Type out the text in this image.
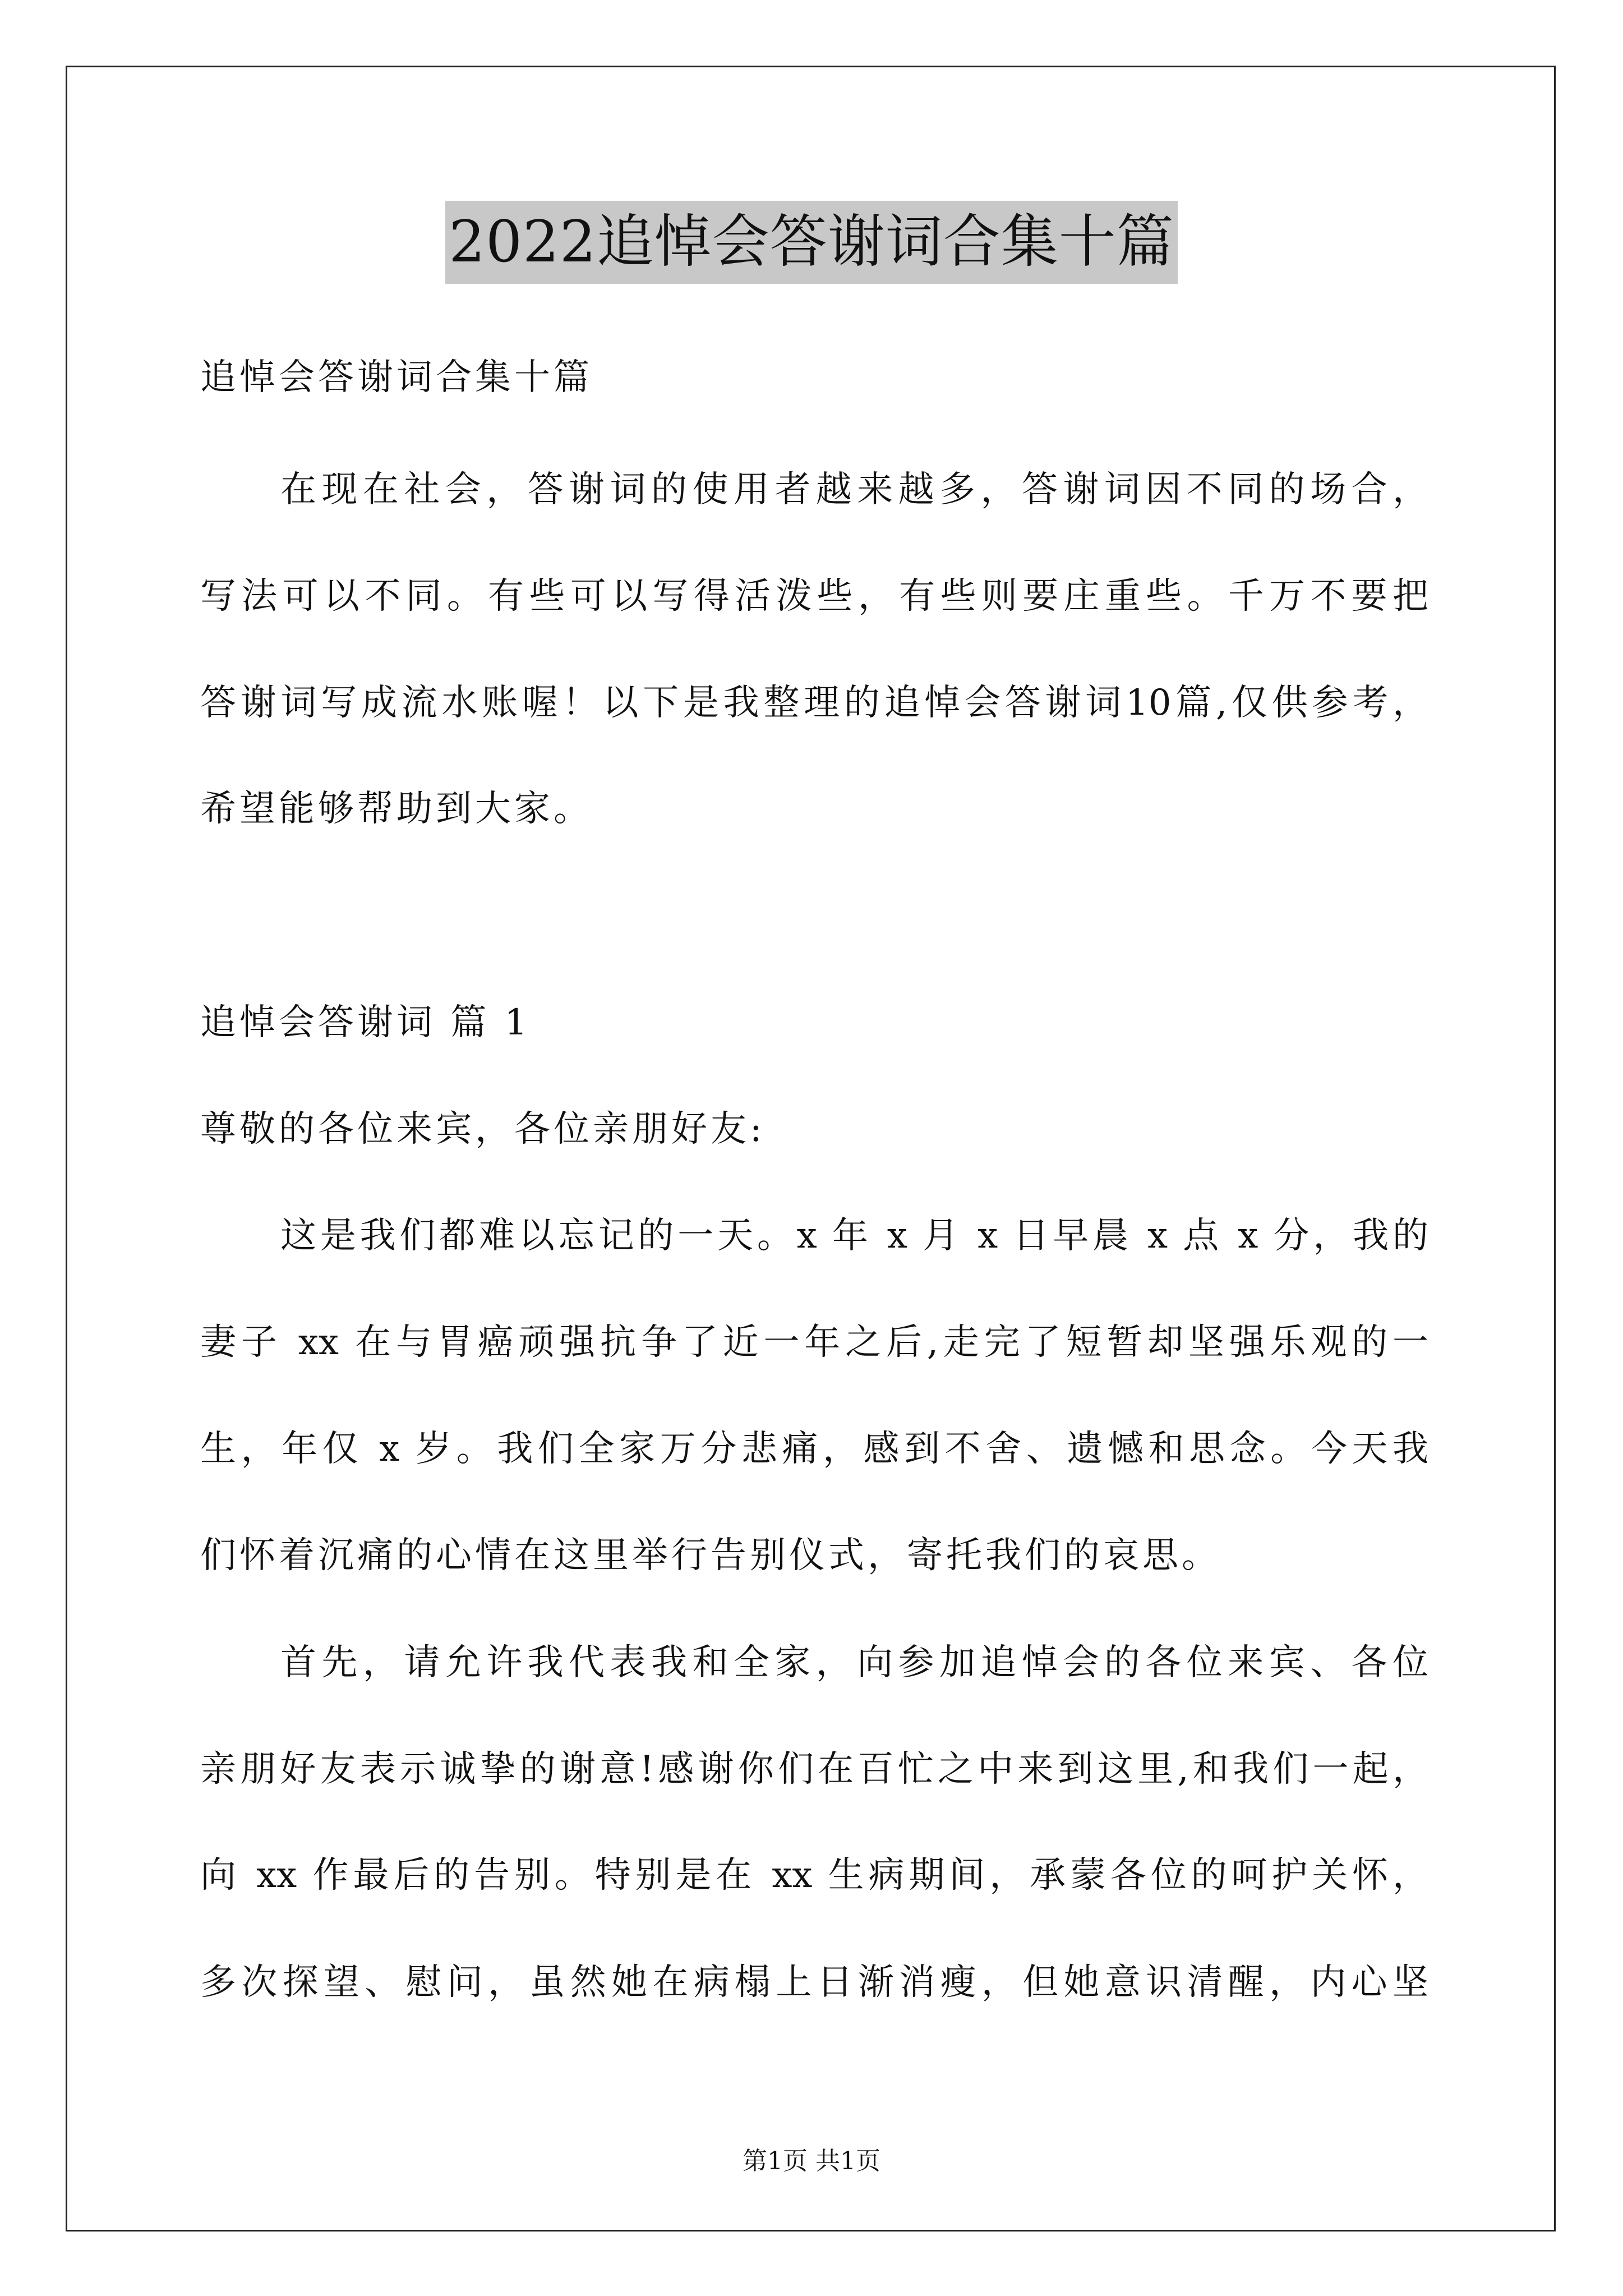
2022追悼会答谢词合集十篇
追悼会答谢词合集十篇
在现在社会，答谢词的使用者越来越多，答谢词因不同的场合，
写法可以不同。有些可以写得活泼些，有些则要庄重些。千万不要把
答谢词写成流水账喔！以下是我整理的追悼会答谢词10篇,仅供参考，
希望能够帮助到大家。
追悼会答谢词 篇 1
尊敬的各位来宾，各位亲朋好友:
这是我们都难以忘记的一天。x 年 x 月 x 日早晨 x 点 x 分，我的
妻子 xx 在与胃癌顽强抗争了近一年之后,走完了短暂却坚强乐观的一
生，年仅 x 岁。我们全家万分悲痛，感到不舍、遗憾和思念。今天我
们怀着沉痛的心情在这里举行告别仪式，寄托我们的哀思。
首先，请允许我代表我和全家，向参加追悼会的各位来宾、各位
亲朋好友表示诚挚的谢意!感谢你们在百忙之中来到这里,和我们一起，
向 xx 作最后的告别。特别是在 xx 生病期间，承蒙各位的呵护关怀，
多次探望、慰问，虽然她在病榻上日渐消瘦，但她意识清醒，内心坚
第1页 共1页
